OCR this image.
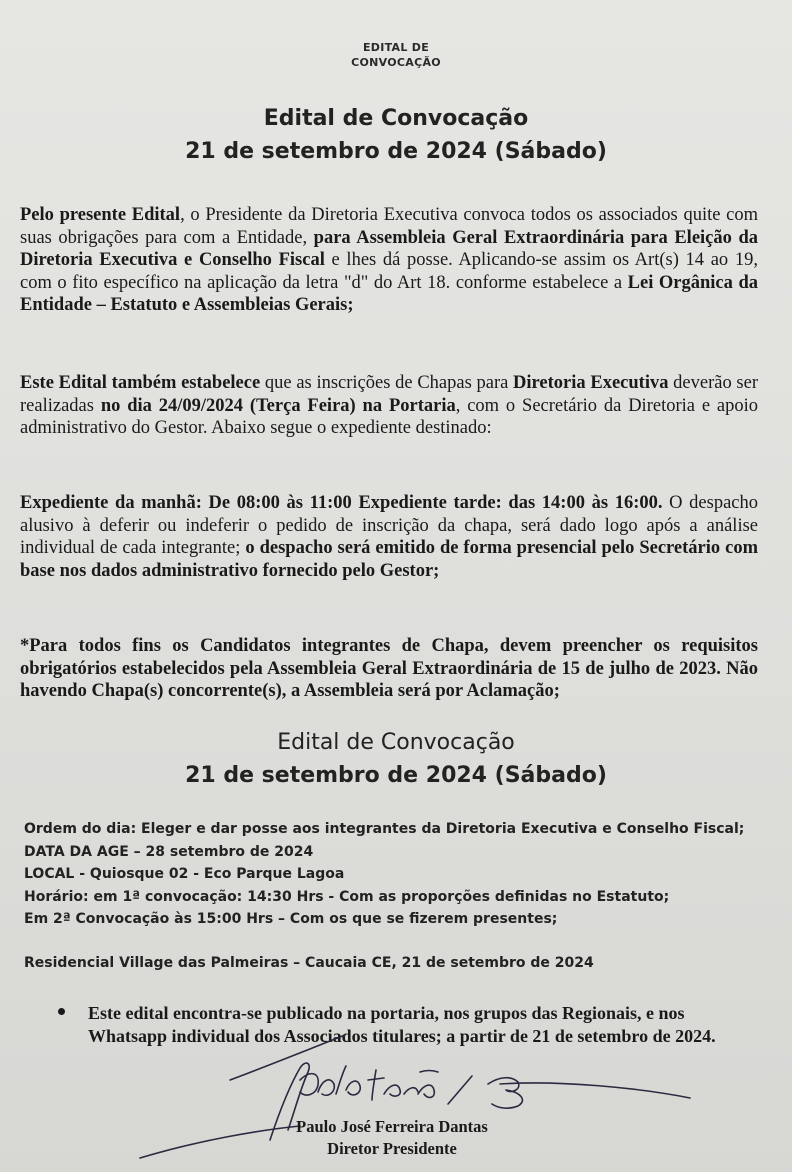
EDITAL DE
CONVOCAÇÃO
Edital de Convocação
21 de setembro de 2024 (Sábado)
Pelo presente Edital, o Presidente da Diretoria Executiva convoca todos os associados quite com suas obrigações para com a Entidade, para Assembleia Geral Extraordinária para Eleição da Diretoria Executiva e Conselho Fiscal e lhes dá posse. Aplicando-se assim os Art(s) 14 ao 19, com o fito específico na aplicação da letra "d" do Art 18. conforme estabelece a Lei Orgânica da Entidade – Estatuto e Assembleias Gerais;
Este Edital também estabelece que as inscrições de Chapas para Diretoria Executiva deverão ser realizadas no dia 24/09/2024 (Terça Feira) na Portaria, com o Secretário da Diretoria e apoio administrativo do Gestor. Abaixo segue o expediente destinado:
Expediente da manhã: De 08:00 às 11:00 Expediente tarde: das 14:00 às 16:00. O despacho alusivo à deferir ou indeferir o pedido de inscrição da chapa, será dado logo após a análise individual de cada integrante; o despacho será emitido de forma presencial pelo Secretário com base nos dados administrativo fornecido pelo Gestor;
*Para todos fins os Candidatos integrantes de Chapa, devem preencher os requisitos obrigatórios estabelecidos pela Assembleia Geral Extraordinária de 15 de julho de 2023. Não havendo Chapa(s) concorrente(s), a Assembleia será por Aclamação;
Edital de Convocação
21 de setembro de 2024 (Sábado)
Ordem do dia: Eleger e dar posse aos integrantes da Diretoria Executiva e Conselho Fiscal;
DATA DA AGE – 28 setembro de 2024
LOCAL - Quiosque 02 - Eco Parque Lagoa
Horário: em 1ª convocação: 14:30 Hrs - Com as proporções definidas no Estatuto;
Em 2ª Convocação às 15:00 Hrs – Com os que se fizerem presentes;
Residencial Village das Palmeiras – Caucaia CE, 21 de setembro de 2024
Este edital encontra-se publicado na portaria, nos grupos das Regionais, e nos Whatsapp individual dos Associados titulares; a partir de 21 de setembro de 2024.
Paulo José Ferreira Dantas
Diretor Presidente
